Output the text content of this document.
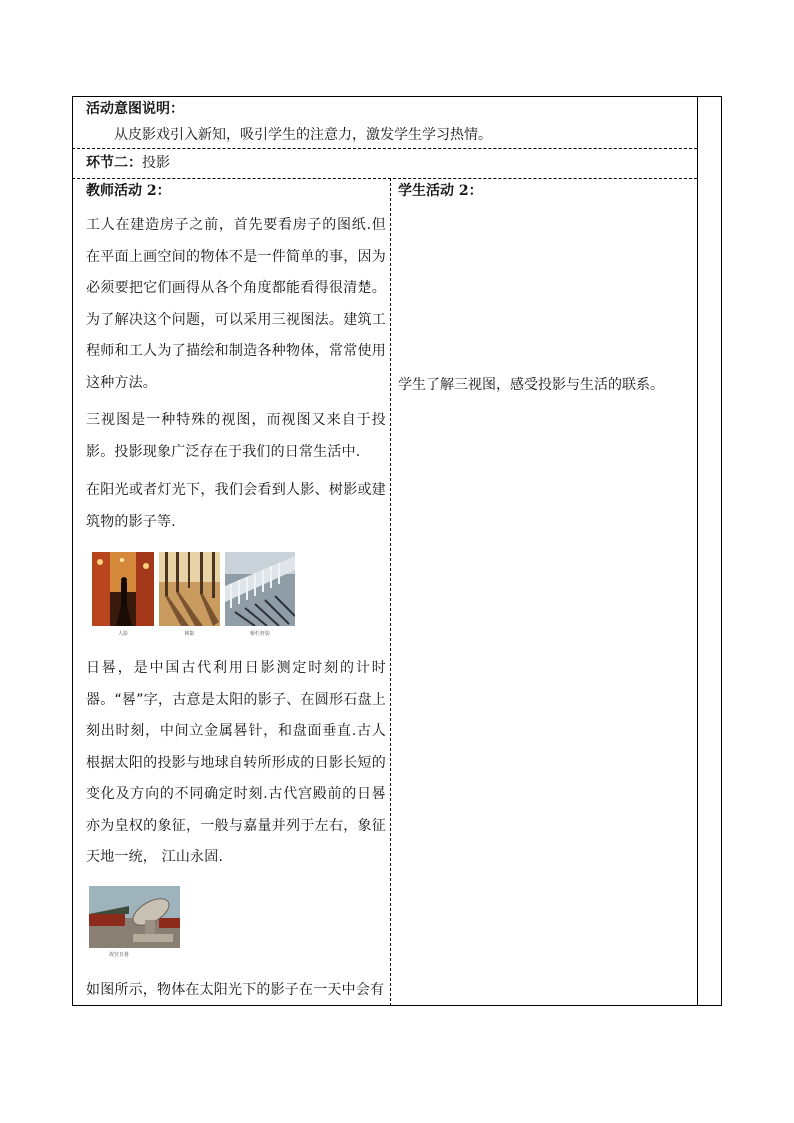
活动意图说明：
从皮影戏引入新知，吸引学生的注意力，激发学生学习热情。
环节二：投影
教师活动 2：
工人在建造房子之前，首先要看房子的图纸.但在平面上画空间的物体不是一件简单的事，因为必须要把它们画得从各个角度都能看得很清楚。为了解决这个问题，可以采用三视图法。建筑工程师和工人为了描绘和制造各种物体，常常使用这种方法。
三视图是一种特殊的视图，而视图又来自于投影。投影现象广泛存在于我们的日常生活中.
在阳光或者灯光下，我们会看到人影、树影或建筑物的影子等.
人影	树影	桥栏杆影
日晷，是中国古代利用日影测定时刻的计时器。“晷”字，古意是太阳的影子、在圆形石盘上刻出时刻，中间立金属晷针，和盘面垂直.古人根据太阳的投影与地球自转所形成的日影长短的变化及方向的不同确定时刻.古代宫殿前的日晷亦为皇权的象征，一般与嘉量并列于左右，象征天地一统， 江山永固.
故宫日晷
如图所示，物体在太阳光下的影子在一天中会有
学生活动 2：
学生了解三视图，感受投影与生活的联系。
